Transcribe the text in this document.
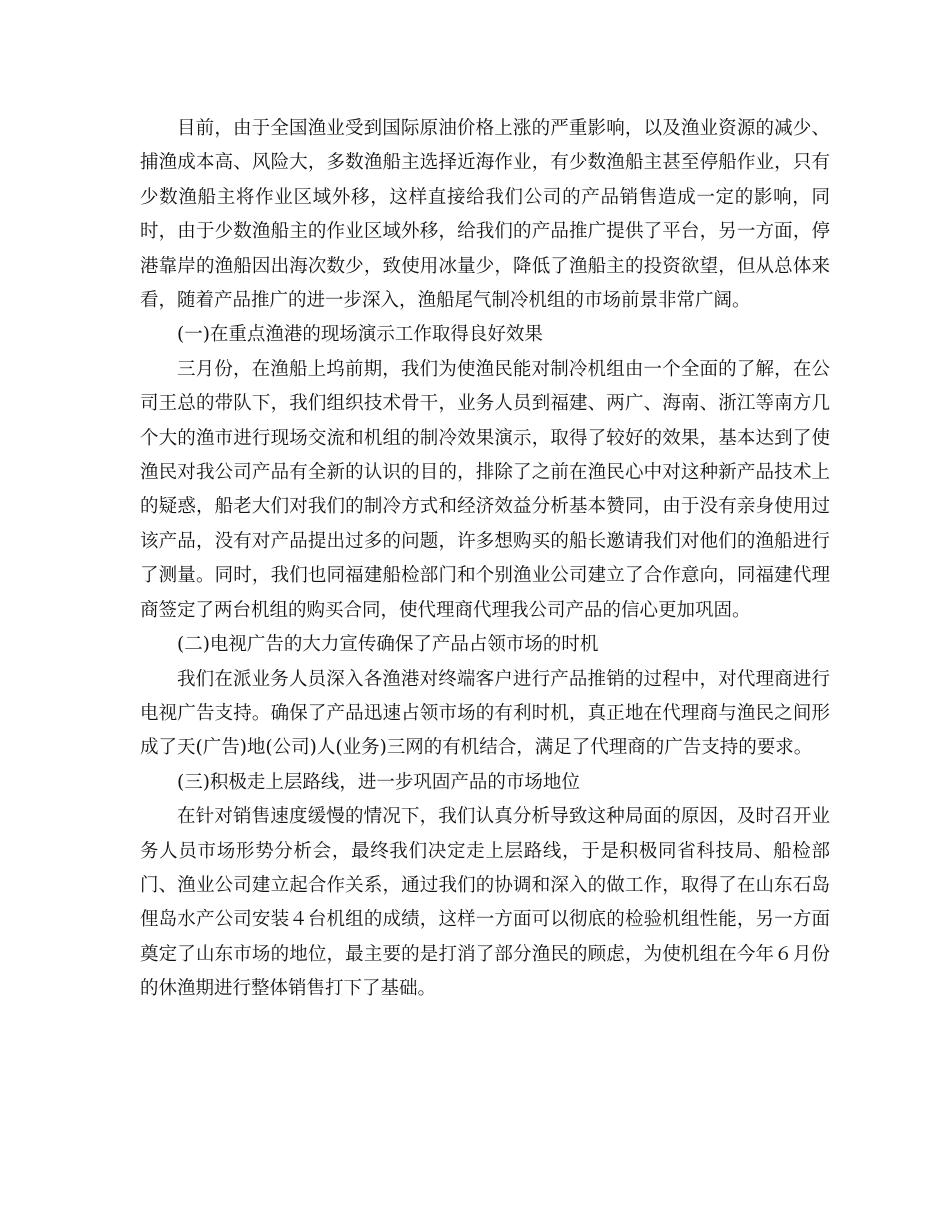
目前，由于全国渔业受到国际原油价格上涨的严重影响，以及渔业资源的减少、捕渔成本高、风险大，多数渔船主选择近海作业，有少数渔船主甚至停船作业，只有少数渔船主将作业区域外移，这样直接给我们公司的产品销售造成一定的影响，同时，由于少数渔船主的作业区域外移，给我们的产品推广提供了平台，另一方面，停港靠岸的渔船因出海次数少，致使用冰量少，降低了渔船主的投资欲望，但从总体来看，随着产品推广的进一步深入，渔船尾气制冷机组的市场前景非常广阔。

(一)在重点渔港的现场演示工作取得良好效果

三月份，在渔船上坞前期，我们为使渔民能对制冷机组由一个全面的了解，在公司王总的带队下，我们组织技术骨干，业务人员到福建、两广、海南、浙江等南方几个大的渔市进行现场交流和机组的制冷效果演示，取得了较好的效果，基本达到了使渔民对我公司产品有全新的认识的目的，排除了之前在渔民心中对这种新产品技术上的疑惑，船老大们对我们的制冷方式和经济效益分析基本赞同，由于没有亲身使用过该产品，没有对产品提出过多的问题，许多想购买的船长邀请我们对他们的渔船进行了测量。同时，我们也同福建船检部门和个别渔业公司建立了合作意向，同福建代理商签定了两台机组的购买合同，使代理商代理我公司产品的信心更加巩固。

(二)电视广告的大力宣传确保了产品占领市场的时机

我们在派业务人员深入各渔港对终端客户进行产品推销的过程中，对代理商进行电视广告支持。确保了产品迅速占领市场的有利时机，真正地在代理商与渔民之间形成了天(广告)地(公司)人(业务)三网的有机结合，满足了代理商的广告支持的要求。

(三)积极走上层路线，进一步巩固产品的市场地位

在针对销售速度缓慢的情况下，我们认真分析导致这种局面的原因，及时召开业务人员市场形势分析会，最终我们决定走上层路线，于是积极同省科技局、船检部门、渔业公司建立起合作关系，通过我们的协调和深入的做工作，取得了在山东石岛俚岛水产公司安装４台机组的成绩，这样一方面可以彻底的检验机组性能，另一方面奠定了山东市场的地位，最主要的是打消了部分渔民的顾虑，为使机组在今年６月份的休渔期进行整体销售打下了基础。
